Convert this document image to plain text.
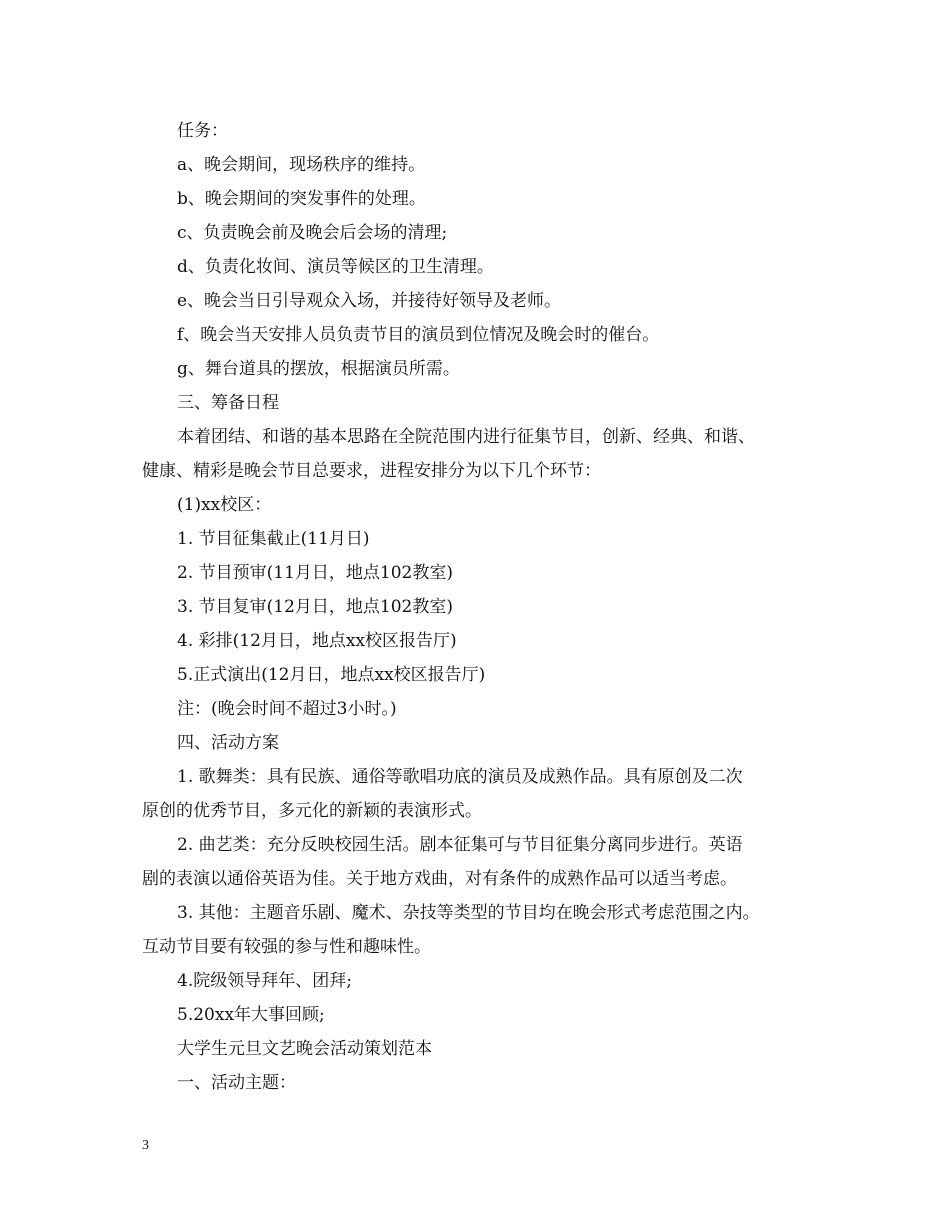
任务：
a、晚会期间，现场秩序的维持。
b、晚会期间的突发事件的处理。
c、负责晚会前及晚会后会场的清理;
d、负责化妆间、演员等候区的卫生清理。
e、晚会当日引导观众入场，并接待好领导及老师。
f、晚会当天安排人员负责节目的演员到位情况及晚会时的催台。
g、舞台道具的摆放，根据演员所需。
三、筹备日程
本着团结、和谐的基本思路在全院范围内进行征集节目，创新、经典、和谐、
健康、精彩是晚会节目总要求，进程安排分为以下几个环节：
(1)xx校区：
1. 节目征集截止(11月日)
2. 节目预审(11月日，地点102教室)
3. 节目复审(12月日，地点102教室)
4. 彩排(12月日，地点xx校区报告厅)
5.正式演出(12月日，地点xx校区报告厅)
注：(晚会时间不超过3小时。)
四、活动方案
1. 歌舞类：具有民族、通俗等歌唱功底的演员及成熟作品。具有原创及二次
原创的优秀节目，多元化的新颖的表演形式。
2. 曲艺类：充分反映校园生活。剧本征集可与节目征集分离同步进行。英语
剧的表演以通俗英语为佳。关于地方戏曲，对有条件的成熟作品可以适当考虑。
3. 其他：主题音乐剧、魔术、杂技等类型的节目均在晚会形式考虑范围之内。
互动节目要有较强的参与性和趣味性。
4.院级领导拜年、团拜;
5.20xx年大事回顾;
大学生元旦文艺晚会活动策划范本
一、活动主题：
3
